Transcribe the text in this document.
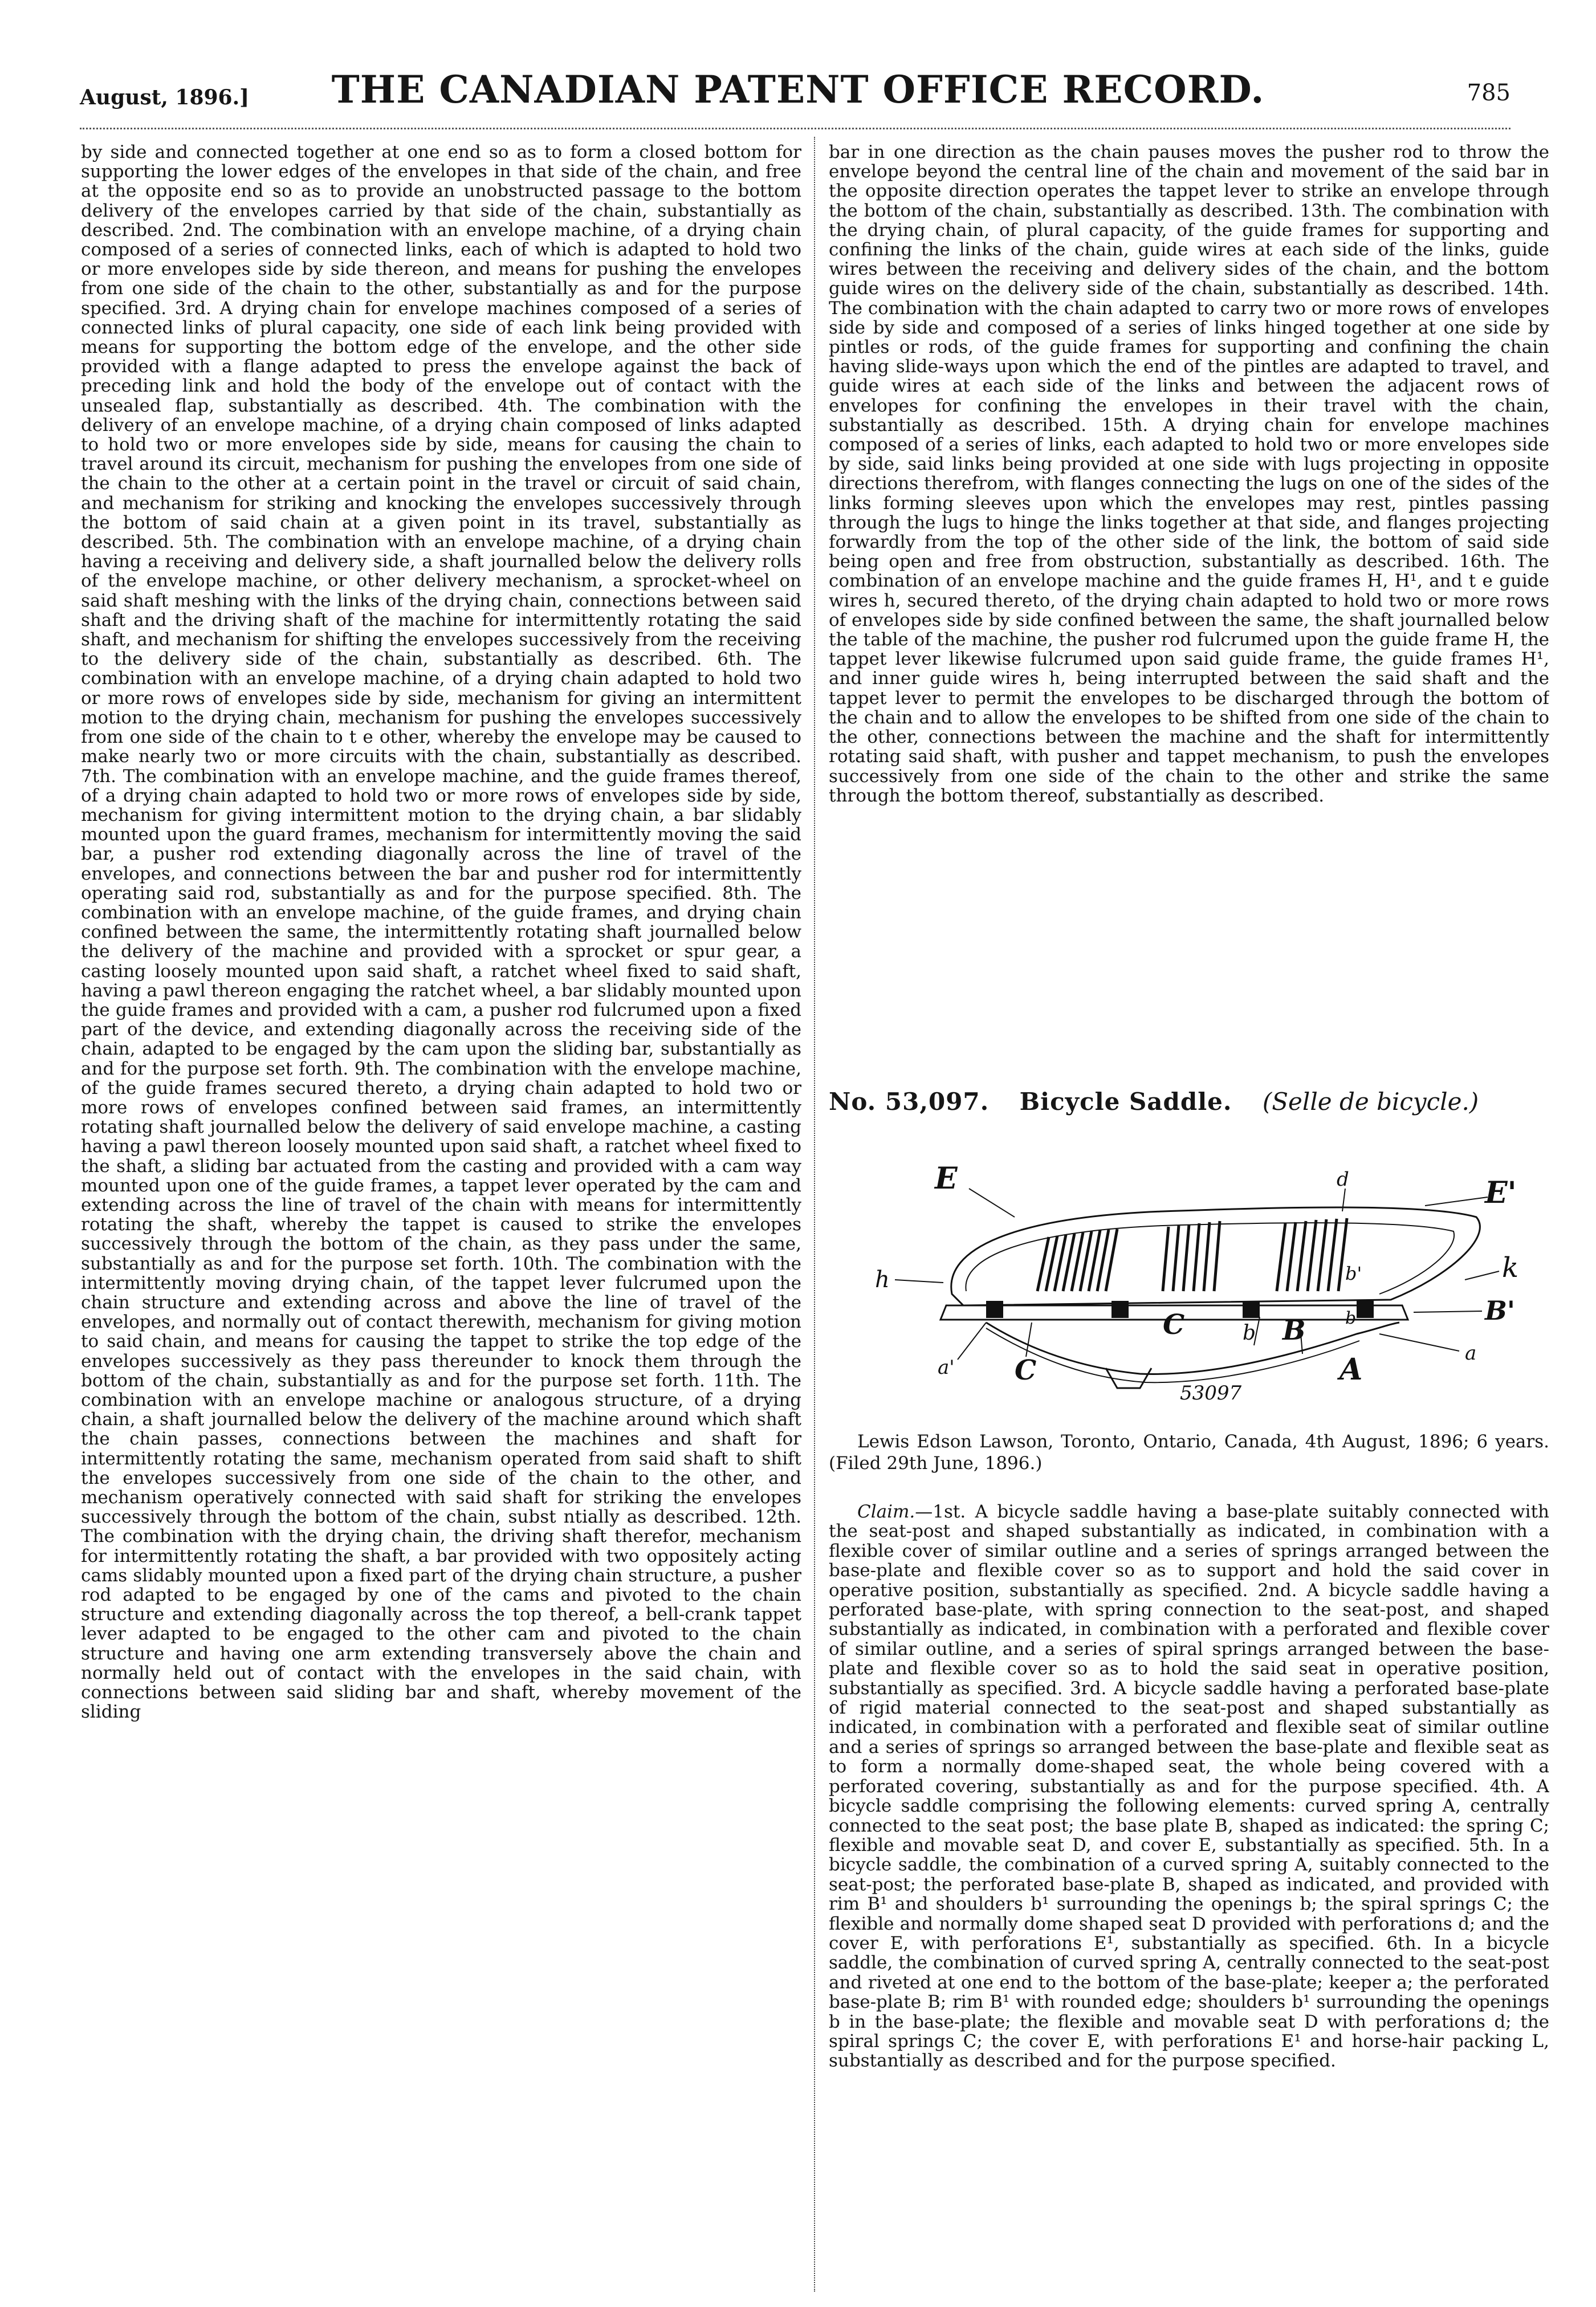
August, 1896.]	THE CANADIAN PATENT OFFICE RECORD.	785

by side and connected together at one end so as to form a closed bottom for supporting the lower edges of the envelopes in that side of the chain, and free at the opposite end so as to provide an unobstructed passage to the bottom delivery of the envelopes carried by that side of the chain, substantially as described. 2nd. The combination with an envelope machine, of a drying chain composed of a series of connected links, each of which is adapted to hold two or more envelopes side by side thereon, and means for pushing the envelopes from one side of the chain to the other, substantially as and for the purpose specified. 3rd. A drying chain for envelope machines composed of a series of connected links of plural capacity, one side of each link being provided with means for supporting the bottom edge of the envelope, and the other side provided with a flange adapted to press the envelope against the back of preceding link and hold the body of the envelope out of contact with the unsealed flap, substantially as described. 4th. The combination with the delivery of an envelope machine, of a drying chain composed of links adapted to hold two or more envelopes side by side, means for causing the chain to travel around its circuit, mechanism for pushing the envelopes from one side of the chain to the other at a certain point in the travel or circuit of said chain, and mechanism for striking and knocking the envelopes successively through the bottom of said chain at a given point in its travel, substantially as described. 5th. The combination with an envelope machine, of a drying chain having a receiving and delivery side, a shaft journalled below the delivery rolls of the envelope machine, or other delivery mechanism, a sprocket-wheel on said shaft meshing with the links of the drying chain, connections between said shaft and the driving shaft of the machine for intermittently rotating the said shaft, and mechanism for shifting the envelopes successively from the receiving to the delivery side of the chain, substantially as described. 6th. The combination with an envelope machine, of a drying chain adapted to hold two or more rows of envelopes side by side, mechanism for giving an intermittent motion to the drying chain, mechanism for pushing the envelopes successively from one side of the chain to t e other, whereby the envelope may be caused to make nearly two or more circuits with the chain, substantially as described. 7th. The combination with an envelope machine, and the guide frames thereof, of a drying chain adapted to hold two or more rows of envelopes side by side, mechanism for giving intermittent motion to the drying chain, a bar slidably mounted upon the guard frames, mechanism for intermittently moving the said bar, a pusher rod extending diagonally across the line of travel of the envelopes, and connections between the bar and pusher rod for intermittently operating said rod, substantially as and for the purpose specified. 8th. The combination with an envelope machine, of the guide frames, and drying chain confined between the same, the intermittently rotating shaft journalled below the delivery of the machine and provided with a sprocket or spur gear, a casting loosely mounted upon said shaft, a ratchet wheel fixed to said shaft, having a pawl thereon engaging the ratchet wheel, a bar slidably mounted upon the guide frames and provided with a cam, a pusher rod fulcrumed upon a fixed part of the device, and extending diagonally across the receiving side of the chain, adapted to be engaged by the cam upon the sliding bar, substantially as and for the purpose set forth. 9th. The combination with the envelope machine, of the guide frames secured thereto, a drying chain adapted to hold two or more rows of envelopes confined between said frames, an intermittently rotating shaft journalled below the delivery of said envelope machine, a casting having a pawl thereon loosely mounted upon said shaft, a ratchet wheel fixed to the shaft, a sliding bar actuated from the casting and provided with a cam way mounted upon one of the guide frames, a tappet lever operated by the cam and extending across the line of travel of the chain with means for intermittently rotating the shaft, whereby the tappet is caused to strike the envelopes successively through the bottom of the chain, as they pass under the same, substantially as and for the purpose set forth. 10th. The combination with the intermittently moving drying chain, of the tappet lever fulcrumed upon the chain structure and extending across and above the line of travel of the envelopes, and normally out of contact therewith, mechanism for giving motion to said chain, and means for causing the tappet to strike the top edge of the envelopes successively as they pass thereunder to knock them through the bottom of the chain, substantially as and for the purpose set forth. 11th. The combination with an envelope machine or analogous structure, of a drying chain, a shaft journalled below the delivery of the machine around which shaft the chain passes, connections between the machines and shaft for intermittently rotating the same, mechanism operated from said shaft to shift the envelopes successively from one side of the chain to the other, and mechanism operatively connected with said shaft for striking the envelopes successively through the bottom of the chain, subst ntially as described. 12th. The combination with the drying chain, the driving shaft therefor, mechanism for intermittently rotating the shaft, a bar provided with two oppositely acting cams slidably mounted upon a fixed part of the drying chain structure, a pusher rod adapted to be engaged by one of the cams and pivoted to the chain structure and extending diagonally across the top thereof, a bell-crank tappet lever adapted to be engaged to the other cam and pivoted to the chain structure and having one arm extending transversely above the chain and normally held out of contact with the envelopes in the said chain, with connections between said sliding bar and shaft, whereby movement of the sliding

bar in one direction as the chain pauses moves the pusher rod to throw the envelope beyond the central line of the chain and movement of the said bar in the opposite direction operates the tappet lever to strike an envelope through the bottom of the chain, substantially as described. 13th. The combination with the drying chain, of plural capacity, of the guide frames for supporting and confining the links of the chain, guide wires at each side of the links, guide wires between the receiving and delivery sides of the chain, and the bottom guide wires on the delivery side of the chain, substantially as described. 14th. The combination with the chain adapted to carry two or more rows of envelopes side by side and composed of a series of links hinged together at one side by pintles or rods, of the guide frames for supporting and confining the chain having slide-ways upon which the end of the pintles are adapted to travel, and guide wires at each side of the links and between the adjacent rows of envelopes for confining the envelopes in their travel with the chain, substantially as described. 15th. A drying chain for envelope machines composed of a series of links, each adapted to hold two or more envelopes side by side, said links being provided at one side with lugs projecting in opposite directions therefrom, with flanges connecting the lugs on one of the sides of the links forming sleeves upon which the envelopes may rest, pintles passing through the lugs to hinge the links together at that side, and flanges projecting forwardly from the top of the other side of the link, the bottom of said side being open and free from obstruction, substantially as described. 16th. The combination of an envelope machine and the guide frames H, H¹, and t e guide wires h, secured thereto, of the drying chain adapted to hold two or more rows of envelopes side by side confined between the same, the shaft journalled below the table of the machine, the pusher rod fulcrumed upon the guide frame H, the tappet lever likewise fulcrumed upon said guide frame, the guide frames H¹, and inner guide wires h, being interrupted between the said shaft and the tappet lever to permit the envelopes to be discharged through the bottom of the chain and to allow the envelopes to be shifted from one side of the chain to the other, connections between the machine and the shaft for intermittently rotating said shaft, with pusher and tappet mechanism, to push the envelopes successively from one side of the chain to the other and strike the same through the bottom thereof, substantially as described.

No. 53,097. Bicycle Saddle. (Selle de bicycle.)
E	E'
d
h	k
b'
B'
a' C
C	b B b'
A	a
53097
Lewis Edson Lawson, Toronto, Ontario, Canada, 4th August, 1896; 6 years. (Filed 29th June, 1896.)
Claim.—1st. A bicycle saddle having a base-plate suitably connected with the seat-post and shaped substantially as indicated, in combination with a flexible cover of similar outline and a series of springs arranged between the base-plate and flexible cover so as to support and hold the said cover in operative position, substantially as specified. 2nd. A bicycle saddle having a perforated base-plate, with spring connection to the seat-post, and shaped substantially as indicated, in combination with a perforated and flexible cover of similar outline, and a series of spiral springs arranged between the base-plate and flexible cover so as to hold the said seat in operative position, substantially as specified. 3rd. A bicycle saddle having a perforated base-plate of rigid material connected to the seat-post and shaped substantially as indicated, in combination with a perforated and flexible seat of similar outline and a series of springs so arranged between the base-plate and flexible seat as to form a normally dome-shaped seat, the whole being covered with a perforated covering, substantially as and for the purpose specified. 4th. A bicycle saddle comprising the following elements: curved spring A, centrally connected to the seat post; the base plate B, shaped as indicated: the spring C; flexible and movable seat D, and cover E, substantially as specified. 5th. In a bicycle saddle, the combination of a curved spring A, suitably connected to the seat-post; the perforated base-plate B, shaped as indicated, and provided with rim B¹ and shoulders b¹ surrounding the openings b; the spiral springs C; the flexible and normally dome shaped seat D provided with perforations d; and the cover E, with perforations E¹, substantially as specified. 6th. In a bicycle saddle, the combination of curved spring A, centrally connected to the seat-post and riveted at one end to the bottom of the base-plate; keeper a; the perforated base-plate B; rim B¹ with rounded edge; shoulders b¹ surrounding the openings b in the base-plate; the flexible and movable seat D with perforations d; the spiral springs C; the cover E, with perforations E¹ and horse-hair packing L, substantially as described and for the purpose specified.
